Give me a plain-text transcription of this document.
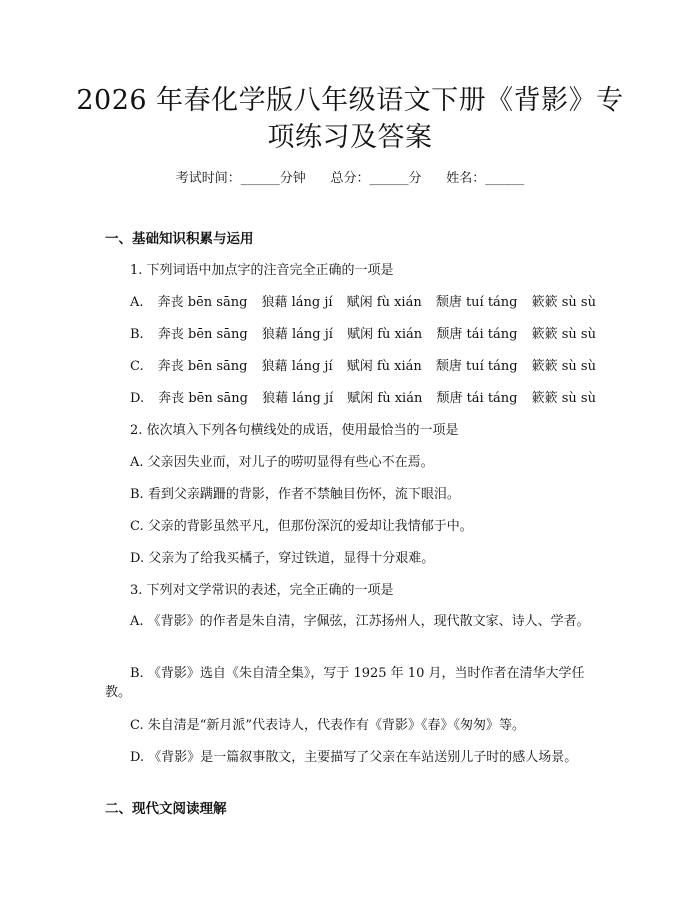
2026 年春化学版八年级语文下册《背影》专
项练习及答案
考试时间：______分钟      总分：______分      姓名：______
一、基础知识积累与运用
1. 下列词语中加点字的注音完全正确的一项是
A. 奔丧 bēn sāng 狼藉 láng jí 赋闲 fù xián 颓唐 tuí táng 簌簌 sù sù
B. 奔丧 bēn sāng 狼藉 láng jí 赋闲 fù xián 颓唐 tái táng 簌簌 sù sù
C. 奔丧 bēn sāng 狼藉 láng jí 赋闲 fù xián 颓唐 tuí táng 簌簌 sù sù
D. 奔丧 bēn sāng 狼藉 láng jí 赋闲 fù xián 颓唐 tái táng 簌簌 sù sù
2. 依次填入下列各句横线处的成语，使用最恰当的一项是
A. 父亲因失业而，对儿子的唠叨显得有些心不在焉。
B. 看到父亲蹒跚的背影，作者不禁触目伤怀，流下眼泪。
C. 父亲的背影虽然平凡，但那份深沉的爱却让我情郁于中。
D. 父亲为了给我买橘子，穿过铁道，显得十分艰难。
3. 下列对文学常识的表述，完全正确的一项是
A. 《背影》的作者是朱自清，字佩弦，江苏扬州人，现代散文家、诗人、学者。
B. 《背影》选自《朱自清全集》，写于 1925 年 10 月，当时作者在清华大学任教。
C. 朱自清是“新月派”代表诗人，代表作有《背影》《春》《匆匆》等。
D. 《背影》是一篇叙事散文，主要描写了父亲在车站送别儿子时的感人场景。
二、现代文阅读理解
